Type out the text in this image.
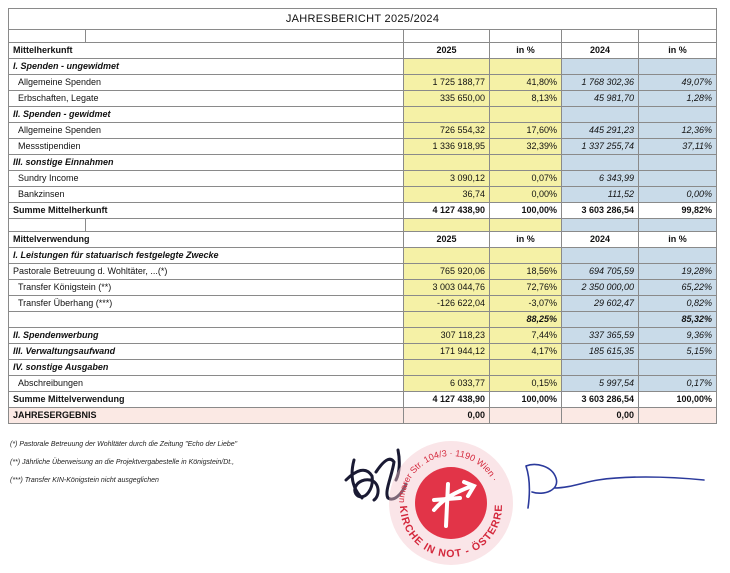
JAHRESBERICHT 2025/2024					

Mittelherkunft		2025	in %	2024	in %
I. Spenden - ungewidmet					
Allgemeine Spenden		1 725 188,77	41,80%	1 768 302,36	49,07%
Erbschaften, Legate		335 650,00	8,13%	45 981,70	1,28%
II. Spenden - gewidmet					
Allgemeine Spenden		726 554,32	17,60%	445 291,23	12,36%
Messstipendien		1 336 918,95	32,39%	1 337 255,74	37,11%
III. sonstige Einnahmen					
Sundry Income		3 090,12	0,07%	6 343,99	
Bankzinsen		36,74	0,00%	111,52	0,00%
Summe Mittelherkunft		4 127 438,90	100,00%	3 603 286,54	99,82%

Mittelverwendung		2025	in %	2024	in %
I. Leistungen für statuarisch festgelegte Zwecke					
Pastorale Betreuung d. Wohltäter, ...(*)		765 920,06	18,56%	694 705,59	19,28%
Transfer Königstein (**)		3 003 044,76	72,76%	2 350 000,00	65,22%
Transfer Überhang (***)		-126 622,04	-3,07%	29 602,47	0,82%
			88,25%		85,32%
II. Spendenwerbung		307 118,23	7,44%	337 365,59	9,36%
III. Verwaltungsaufwand		171 944,12	4,17%	185 615,35	5,15%
IV. sonstige Ausgaben					
Abschreibungen		6 033,77	0,15%	5 997,54	0,17%
Summe Mittelverwendung		4 127 438,90	100,00%	3 603 286,54	100,00%
JAHRESERGEBNIS		0,00		0,00	
umarer Str. 104/3 · 1190 Wien ·
KIRCHE IN NOT - ÖSTERRE
(*) Pastorale Betreuung der Wohltäter durch die Zeitung "Echo der Liebe"
(**) Jährliche Überweisung an die Projektvergabestelle in Königstein/Dt.,
(***) Transfer KIN-Königstein nicht ausgeglichen
